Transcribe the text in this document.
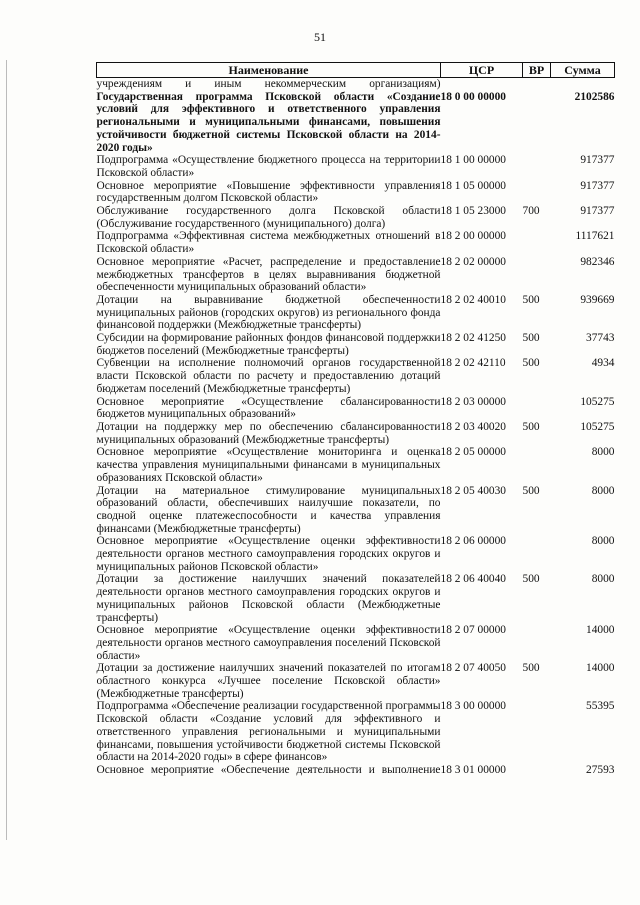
51
Наименование	ЦСР	ВР	Сумма
учреждениям и иным некоммерческим организациям)			
Государственная программа Псковской области «Создание условий для эффективного и ответственного управления региональными и муниципальными финансами, повышения устойчивости бюджетной системы Псковской области на 2014-2020 годы»	18 0 00 00000		2102586
Подпрограмма «Осуществление бюджетного процесса на территории Псковской области»	18 1 00 00000		917377
Основное мероприятие «Повышение эффективности управления государственным долгом Псковской области»	18 1 05 00000		917377
Обслуживание государственного долга Псковской области (Обслуживание государственного (муниципального) долга)	18 1 05 23000	700	917377
Подпрограмма «Эффективная система межбюджетных отношений в Псковской области»	18 2 00 00000		1117621
Основное мероприятие «Расчет, распределение и предоставление межбюджетных трансфертов в целях выравнивания бюджетной обеспеченности муниципальных образований области»	18 2 02 00000		982346
Дотации на выравнивание бюджетной обеспеченности муниципальных районов (городских округов) из регионального фонда финансовой поддержки (Межбюджетные трансферты)	18 2 02 40010	500	939669
Субсидии на формирование районных фондов финансовой поддержки бюджетов поселений (Межбюджетные трансферты)	18 2 02 41250	500	37743
Субвенции на исполнение полномочий органов государственной власти Псковской области по расчету и предоставлению дотаций бюджетам поселений (Межбюджетные трансферты)	18 2 02 42110	500	4934
Основное мероприятие «Осуществление сбалансированности бюджетов муниципальных образований»	18 2 03 00000		105275
Дотации на поддержку мер по обеспечению сбалансированности муниципальных образований (Межбюджетные трансферты)	18 2 03 40020	500	105275
Основное мероприятие «Осуществление мониторинга и оценка качества управления муниципальными финансами в муниципальных образованиях Псковской области»	18 2 05 00000		8000
Дотации на материальное стимулирование муниципальных образований области, обеспечивших наилучшие показатели, по сводной оценке платежеспособности и качества управления финансами (Межбюджетные трансферты)	18 2 05 40030	500	8000
Основное мероприятие «Осуществление оценки эффективности деятельности органов местного самоуправления городских округов и муниципальных районов Псковской области»	18 2 06 00000		8000
Дотации за достижение наилучших значений показателей деятельности органов местного самоуправления городских округов и муниципальных районов Псковской области (Межбюджетные трансферты)	18 2 06 40040	500	8000
Основное мероприятие «Осуществление оценки эффективности деятельности органов местного самоуправления поселений Псковской области»	18 2 07 00000		14000
Дотации за достижение наилучших значений показателей по итогам областного конкурса «Лучшее поселение Псковской области» (Межбюджетные трансферты)	18 2 07 40050	500	14000
Подпрограмма «Обеспечение реализации государственной программы Псковской области «Создание условий для эффективного и ответственного управления региональными и муниципальными финансами, повышения устойчивости бюджетной системы Псковской области на 2014-2020 годы» в сфере финансов»	18 3 00 00000		55395
Основное мероприятие «Обеспечение деятельности и выполнение	18 3 01 00000		27593
